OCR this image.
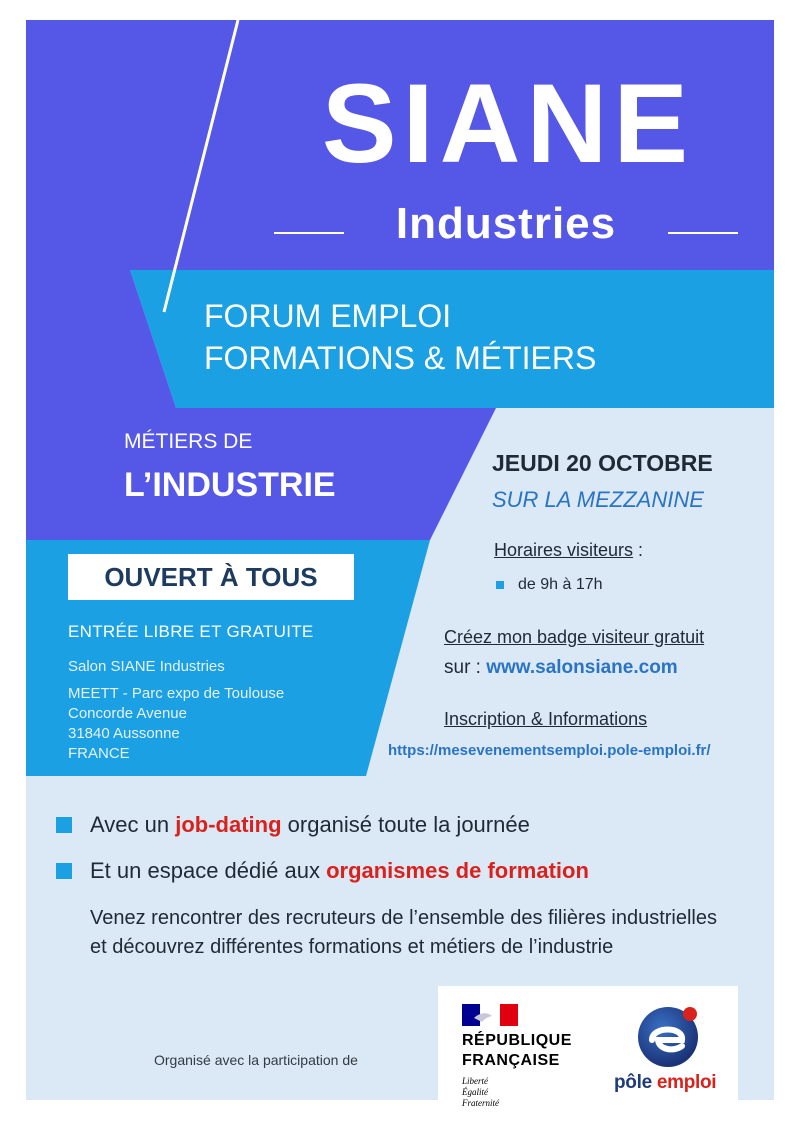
SIANE
Industries
FORUM EMPLOI
FORMATIONS & MÉTIERS
MÉTIERS DE
L’INDUSTRIE
OUVERT À TOUS
ENTRÉE LIBRE ET GRATUITE
Salon SIANE Industries
MEETT - Parc expo de Toulouse
Concorde Avenue
31840 Aussonne
FRANCE
JEUDI 20 OCTOBRE
SUR LA MEZZANINE
Horaires visiteurs :
de 9h à 17h
Créez mon badge visiteur gratuit
sur : www.salonsiane.com
Inscription & Informations
https://mesevenementsemploi.pole-emploi.fr/
Avec un job-dating organisé toute la journée
Et un espace dédié aux organismes de formation
Venez rencontrer des recruteurs de l’ensemble des filières industrielles et découvrez différentes formations et métiers de l’industrie
Organisé avec la participation de
RÉPUBLIQUE
FRANÇAISE
Liberté
Égalité
Fraternité
pôle emploi
